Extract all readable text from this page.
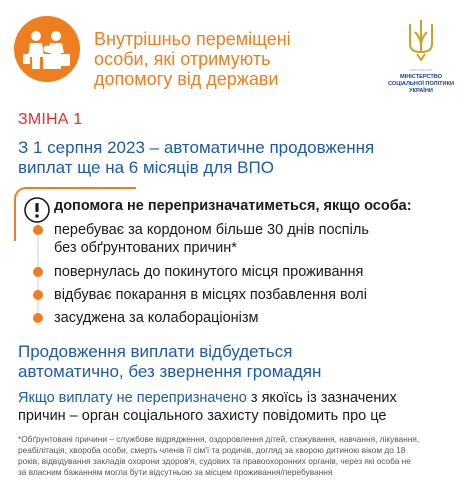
Внутрішньо переміщені
особи, які отримують
допомогу від держави	МІНІСТЕРСТВО
МІНІСТЕРСТВО
СОЦІАЛЬНОЇ ПОЛІТИКИ
УКРАЇНИ
ЗМІНА 1
З 1 серпня 2023 – автоматичне продовження
виплат ще на 6 місяців для ВПО
допомога не перепризначатиметься, якщо особа:
перебуває за кордоном більше 30 днів поспіль
без обґрунтованих причин*
повернулась до покинутого місця проживання
відбуває покарання в місцях позбавлення волі
засуджена за колабораціонізм
Продовження виплати відбудеться
автоматично, без звернення громадян
Якщо виплату не перепризначено з якоїсь із зазначених
причин – орган соціального захисту повідомить про це
*Обґрунтовані причини – службове відрядження, оздоровлення дітей, стажування, навчання, лікування,
реабілітація, хвороба особи, смерть членів її сім'ї та родичів, догляд за хворою дитиною віком до 18
років, відвідування закладів охорони здоров'я, судових та правоохоронних органів, через які особа не
за власним бажанням могла бути відсутньою за місцем проживання/перебування
